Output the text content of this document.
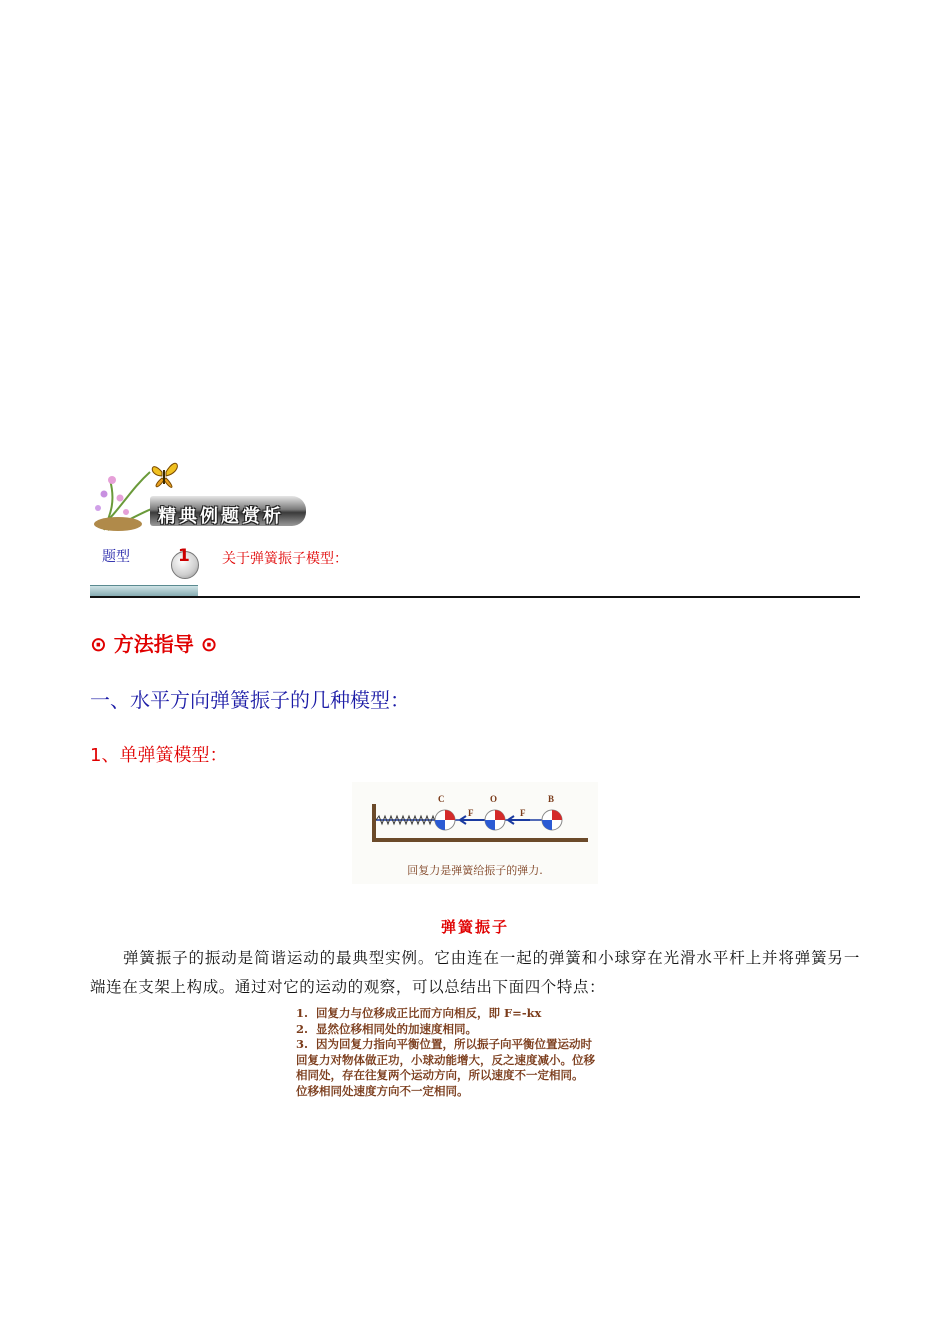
精典例题赏析
题型	1 关于弹簧振子模型：
⊙ 方法指导 ⊙
一、水平方向弹簧振子的几种模型：
1、单弹簧模型：
C	O	B
F	F
回复力是弹簧给振子的弹力.
弹簧振子
弹簧振子的振动是简谐运动的最典型实例。它由连在一起的弹簧和小球穿在光滑水平杆上并将弹簧另一端连在支架上构成。通过对它的运动的观察，可以总结出下面四个特点：
1.  回复力与位移成正比而方向相反，即 F=-kx
2.  显然位移相同处的加速度相同。
3.  因为回复力指向平衡位置，所以振子向平衡位置运动时
回复力对物体做正功，小球动能增大，反之速度减小。位移
相同处，存在往复两个运动方向，所以速度不一定相同。
位移相同处速度方向不一定相同。
